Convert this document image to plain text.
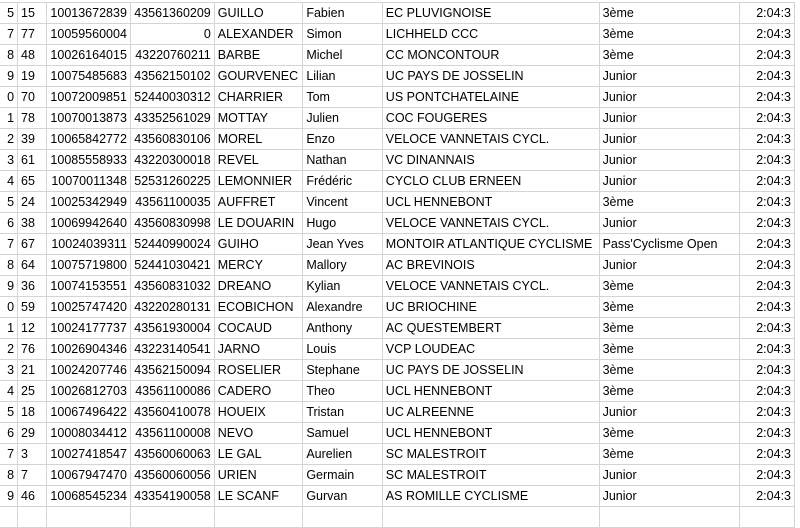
5	15	10013672839	43561360209	GUILLO	Fabien	EC PLUVIGNOISE	3ème	2:04:3
7	77	10059560004	0	ALEXANDER	Simon	LICHHELD CCC	3ème	2:04:3
8	48	10026164015	43220760211	BARBE	Michel	CC MONCONTOUR	3ème	2:04:3
9	19	10075485683	43562150102	GOURVENEC	Lilian	UC PAYS DE JOSSELIN	Junior	2:04:3
0	70	10072009851	52440030312	CHARRIER	Tom	US PONTCHATELAINE	Junior	2:04:3
1	78	10070013873	43352561029	MOTTAY	Julien	COC FOUGERES	Junior	2:04:3
2	39	10065842772	43560830106	MOREL	Enzo	VELOCE VANNETAIS CYCL.	Junior	2:04:3
3	61	10085558933	43220300018	REVEL	Nathan	VC DINANNAIS	Junior	2:04:3
4	65	10070011348	52531260225	LEMONNIER	Frédéric	CYCLO CLUB ERNEEN	Junior	2:04:3
5	24	10025342949	43561100035	AUFFRET	Vincent	UCL HENNEBONT	3ème	2:04:3
6	38	10069942640	43560830998	LE DOUARIN	Hugo	VELOCE VANNETAIS CYCL.	Junior	2:04:3
7	67	10024039311	52440990024	GUIHO	Jean Yves	MONTOIR ATLANTIQUE CYCLISME	Pass'Cyclisme Open	2:04:3
8	64	10075719800	52441030421	MERCY	Mallory	AC BREVINOIS	Junior	2:04:3
9	36	10074153551	43560831032	DREANO	Kylian	VELOCE VANNETAIS CYCL.	3ème	2:04:3
0	59	10025747420	43220280131	ECOBICHON	Alexandre	UC BRIOCHINE	3ème	2:04:3
1	12	10024177737	43561930004	COCAUD	Anthony	AC QUESTEMBERT	3ème	2:04:3
2	76	10026904346	43223140541	JARNO	Louis	VCP LOUDEAC	3ème	2:04:3
3	21	10024207746	43562150094	ROSELIER	Stephane	UC PAYS DE JOSSELIN	3ème	2:04:3
4	25	10026812703	43561100086	CADERO	Theo	UCL HENNEBONT	3ème	2:04:3
5	18	10067496422	43560410078	HOUEIX	Tristan	UC ALREENNE	Junior	2:04:3
6	29	10008034412	43561100008	NEVO	Samuel	UCL HENNEBONT	3ème	2:04:3
7	3	10027418547	43560060063	LE GAL	Aurelien	SC MALESTROIT	3ème	2:04:3
8	7	10067947470	43560060056	URIEN	Germain	SC MALESTROIT	Junior	2:04:3
9	46	10068545234	43354190058	LE SCANF	Gurvan	AS ROMILLE CYCLISME	Junior	2:04:3
